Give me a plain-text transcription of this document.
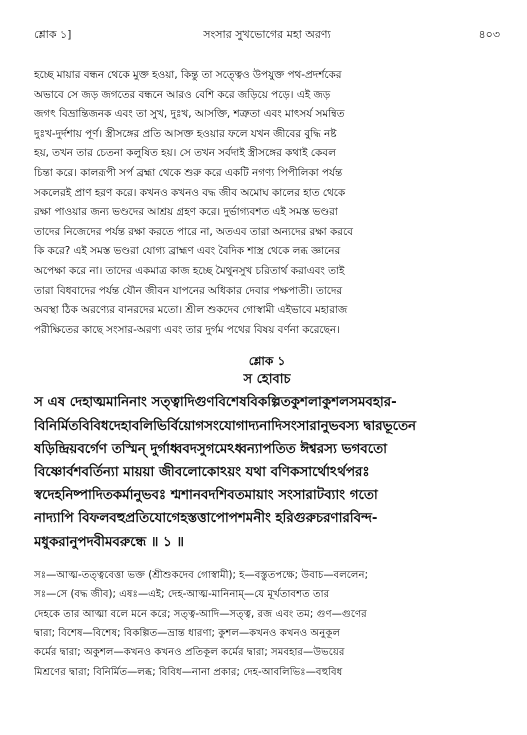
শ্লোক ১]	সংসার সুখভোগের মহা অরণ্য	৪০৩
হচ্ছে মায়ার বন্ধন থেকে মুক্ত হওয়া, কিন্তু তা সত্ত্বেও উপযুক্ত পথ-প্রদর্শকের
অভাবে সে জড় জগতের বন্ধনে আরও বেশি করে জড়িয়ে পড়ে। এই জড়
জগৎ বিভ্রান্তিজনক এবং তা সুখ, দুঃখ, আসক্তি, শত্রুতা এবং মাৎসর্য সমন্বিত
দুঃখ-দুর্দশায় পূর্ণ। স্ত্রীসঙ্গের প্রতি আসক্ত হওয়ার ফলে যখন জীবের বুদ্ধি নষ্ট
হয়, তখন তার চেতনা কলুষিত হয়। সে তখন সর্বদাই স্ত্রীসঙ্গের কথাই কেবল
চিন্তা করে। কালরূপী সর্প ব্রহ্মা থেকে শুরু করে একটি নগণ্য পিপীলিকা পর্যন্ত
সকলেরই প্রাণ হরণ করে। কখনও কখনও বদ্ধ জীব অমোঘ কালের হাত থেকে
রক্ষা পাওয়ার জন্য ভণ্ডদের আশ্রয় গ্রহণ করে। দুর্ভাগ্যবশত এই সমস্ত ভণ্ডরা
তাদের নিজেদের পর্যন্ত রক্ষা করতে পারে না, অতএব তারা অন্যদের রক্ষা করবে
কি করে? এই সমস্ত ভণ্ডরা যোগ্য ব্রাহ্মণ এবং বৈদিক শাস্ত্র থেকে লব্ধ জ্ঞানের
অপেক্ষা করে না। তাদের একমাত্র কাজ হচ্ছে মৈথুনসুখ চরিতার্থ করাএবং তাই
তারা বিধবাদের পর্যন্ত যৌন জীবন যাপনের অধিকার দেবার পক্ষপাতী। তাদের
অবস্থা ঠিক অরণ্যের বানরদের মতো। শ্রীল শুকদেব গোস্বামী এইভাবে মহারাজ
পরীক্ষিতের কাছে সংসার-অরণ্য এবং তার দুর্গম পথের বিষয় বর্ণনা করেছেন।
শ্লোক ১
স হোবাচ
স এষ দেহাত্মমানিনাং সত্ত্বাদিগুণবিশেষবিকল্পিতকুশলাকুশলসমবহার-
বিনির্মিতবিবিধদেহাবলিভির্বিয়োগসংযোগাদ্যনাদিসংসারানুভবস্য দ্বারভূতেন
ষড়িন্দ্রিয়বর্গেণ তস্মিন্ দুর্গাধ্ববদসুগমেঽধ্বন্যাপতিত ঈশ্বরস্য ভগবতো
বিষ্ণোর্বশবর্তিন্যা মায়য়া জীবলোকোঽয়ং যথা বণিকসার্থোঽর্থপরঃ
স্বদেহনিষ্পাদিতকর্মানুভবঃ শ্মশানবদশিবতমায়াং সংসারাটব্যাং গতো
নাদ্যাপি বিফলবহুপ্রতিযোগেহস্তত্তাপোপশমনীং হরিগুরুচরণারবিন্দ-
মধুকরানুপদবীমবরুন্ধে ॥ ১ ॥
সঃ—আত্ম-তত্ত্ববেত্তা ভক্ত (শ্রীশুকদেব গোস্বামী); হ—বস্তুতপক্ষে; উবাচ—বললেন;
সঃ—সে (বদ্ধ জীব); এষঃ—এই; দেহ-আত্ম-মানিনাম্—যে মূর্খতাবশত তার
দেহকে তার আত্মা বলে মনে করে; সত্ত্ব-আদি—সত্ত্ব, রজ এবং তম; গুণ—গুণের
দ্বারা; বিশেষ—বিশেষ; বিকল্পিত—ভ্রান্ত ধারণা; কুশল—কখনও কখনও অনুকূল
কর্মের দ্বারা; অকুশল—কখনও কখনও প্রতিকূল কর্মের দ্বারা; সমবহার—উভয়ের
মিশ্রণের দ্বারা; বিনির্মিত—লব্ধ; বিবিধ—নানা প্রকার; দেহ-আবলিভিঃ—বহুবিধ
